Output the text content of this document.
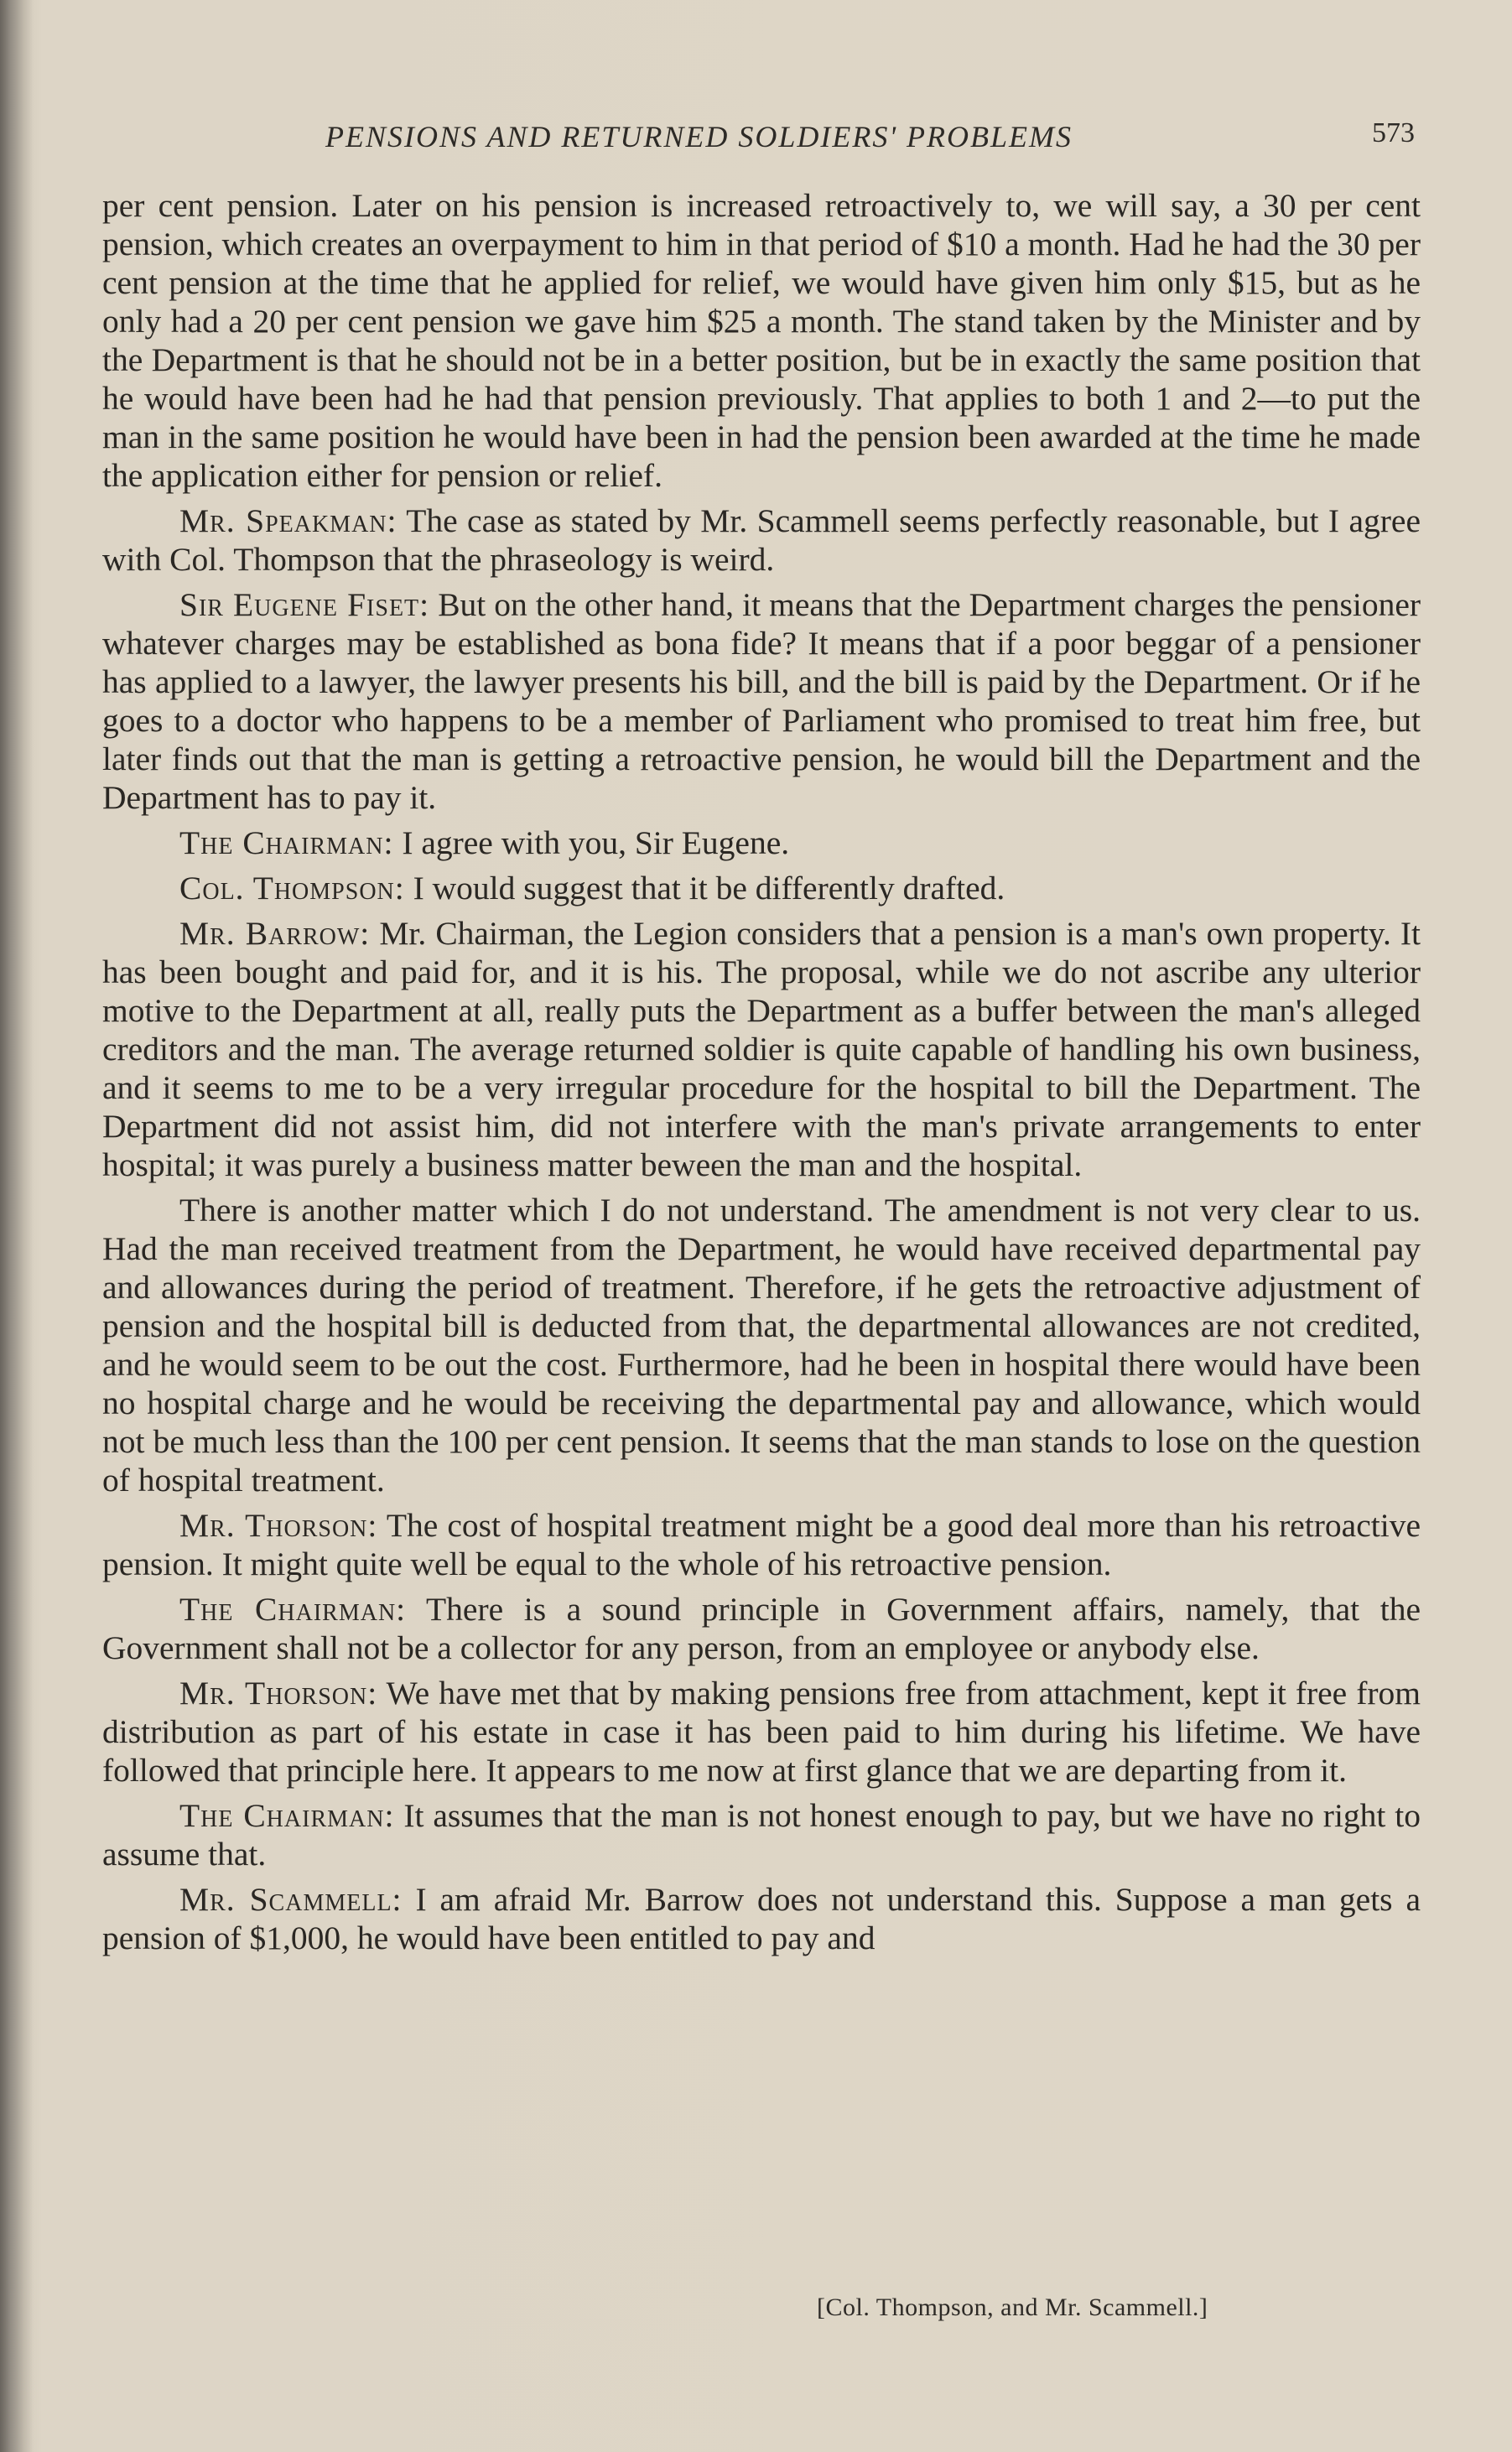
PENSIONS AND RETURNED SOLDIERS' PROBLEMS	573

per cent pension. Later on his pension is increased retroactively to, we will say, a 30 per cent pension, which creates an overpayment to him in that period of $10 a month. Had he had the 30 per cent pension at the time that he applied for relief, we would have given him only $15, but as he only had a 20 per cent pension we gave him $25 a month. The stand taken by the Minister and by the Department is that he should not be in a better position, but be in exactly the same position that he would have been had he had that pension previously. That applies to both 1 and 2—to put the man in the same position he would have been in had the pension been awarded at the time he made the application either for pension or relief.

Mr. Speakman: The case as stated by Mr. Scammell seems perfectly reasonable, but I agree with Col. Thompson that the phraseology is weird.

Sir Eugene Fiset: But on the other hand, it means that the Department charges the pensioner whatever charges may be established as bona fide? It means that if a poor beggar of a pensioner has applied to a lawyer, the lawyer presents his bill, and the bill is paid by the Department. Or if he goes to a doctor who happens to be a member of Parliament who promised to treat him free, but later finds out that the man is getting a retroactive pension, he would bill the Department and the Department has to pay it.

The Chairman: I agree with you, Sir Eugene.

Col. Thompson: I would suggest that it be differently drafted.

Mr. Barrow: Mr. Chairman, the Legion considers that a pension is a man's own property. It has been bought and paid for, and it is his. The proposal, while we do not ascribe any ulterior motive to the Department at all, really puts the Department as a buffer between the man's alleged creditors and the man. The average returned soldier is quite capable of handling his own business, and it seems to me to be a very irregular procedure for the hospital to bill the Department. The Department did not assist him, did not interfere with the man's private arrangements to enter hospital; it was purely a business matter beween the man and the hospital.

There is another matter which I do not understand. The amendment is not very clear to us. Had the man received treatment from the Department, he would have received departmental pay and allowances during the period of treatment. Therefore, if he gets the retroactive adjustment of pension and the hospital bill is deducted from that, the departmental allowances are not credited, and he would seem to be out the cost. Furthermore, had he been in hospital there would have been no hospital charge and he would be receiving the departmental pay and allowance, which would not be much less than the 100 per cent pension. It seems that the man stands to lose on the question of hospital treatment.

Mr. Thorson: The cost of hospital treatment might be a good deal more than his retroactive pension. It might quite well be equal to the whole of his retroactive pension.

The Chairman: There is a sound principle in Government affairs, namely, that the Government shall not be a collector for any person, from an employee or anybody else.

Mr. Thorson: We have met that by making pensions free from attachment, kept it free from distribution as part of his estate in case it has been paid to him during his lifetime. We have followed that principle here. It appears to me now at first glance that we are departing from it.

The Chairman: It assumes that the man is not honest enough to pay, but we have no right to assume that.

Mr. Scammell: I am afraid Mr. Barrow does not understand this. Suppose a man gets a pension of $1,000, he would have been entitled to pay and

[Col. Thompson, and Mr. Scammell.]
